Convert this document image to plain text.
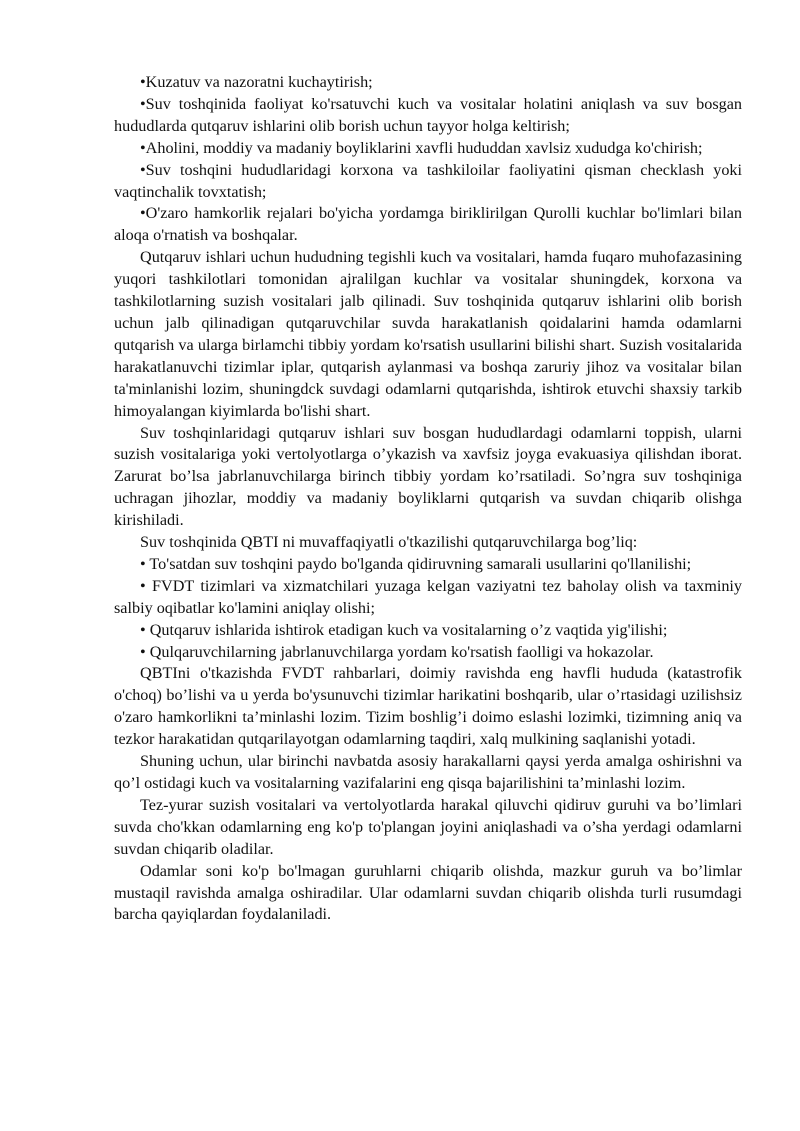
•Kuzatuv va nazoratni kuchaytirish;

•Suv toshqinida faoliyat ko'rsatuvchi kuch va vositalar holatini aniqlash va suv bosgan hududlarda qutqaruv ishlarini olib borish uchun tayyor holga keltirish;

•Aholini, moddiy va madaniy boyliklarini xavfli hududdan xavlsiz xududga ko'chirish;

•Suv toshqini hududlaridagi korxona va tashkiloilar faoliyatini qisman checklash yoki vaqtinchalik tovxtatish;

•O'zaro hamkorlik rejalari bo'yicha yordamga biriklirilgan Qurolli kuchlar bo'limlari bilan aloqa o'rnatish va boshqalar.

Qutqaruv ishlari uchun hududning tegishli kuch va vositalari, hamda fuqaro muhofazasining yuqori tashkilotlari tomonidan ajralilgan kuchlar va vositalar shuningdek, korxona va tashkilotlarning suzish vositalari jalb qilinadi. Suv toshqinida qutqaruv ishlarini olib borish uchun jalb qilinadigan qutqaruvchilar suvda harakatlanish qoidalarini hamda odamlarni qutqarish va ularga birlamchi tibbiy yordam ko'rsatish usullarini bilishi shart. Suzish vositalarida harakatlanuvchi tizimlar iplar, qutqarish aylanmasi va boshqa zaruriy jihoz va vositalar bilan ta'minlanishi lozim, shuningdck suvdagi odamlarni qutqarishda, ishtirok etuvchi shaxsiy tarkib himoyalangan kiyimlarda bo'lishi shart.

Suv toshqinlaridagi qutqaruv ishlari suv bosgan hududlardagi odamlarni toppish, ularni suzish vositalariga yoki vertolyotlarga o’ykazish va xavfsiz joyga evakuasiya qilishdan iborat. Zarurat bo’lsa jabrlanuvchilarga birinch tibbiy yordam ko’rsatiladi. So’ngra suv toshqiniga uchragan jihozlar, moddiy va madaniy boyliklarni qutqarish va suvdan chiqarib olishga kirishiladi.

Suv toshqinida QBTI ni muvaffaqiyatli o'tkazilishi qutqaruvchilarga bog’liq:

• To'satdan suv toshqini paydo bo'lganda qidiruvning samarali usullarini qo'llanilishi;

• FVDT tizimlari va xizmatchilari yuzaga kelgan vaziyatni tez baholay olish va taxminiy salbiy oqibatlar ko'lamini aniqlay olishi;

• Qutqaruv ishlarida ishtirok etadigan kuch va vositalarning o’z vaqtida yig'ilishi;

• Qulqaruvchilarning jabrlanuvchilarga yordam ko'rsatish faolligi va hokazolar.

QBTIni o'tkazishda FVDT rahbarlari, doimiy ravishda eng havfli hududa (katastrofik o'choq) bo’lishi va u yerda bo'ysunuvchi tizimlar harikatini boshqarib, ular o’rtasidagi uzilishsiz o'zaro hamkorlikni ta’minlashi lozim. Tizim boshlig’i doimo eslashi lozimki, tizimning aniq va tezkor harakatidan qutqarilayotgan odamlarning taqdiri, xalq mulkining saqlanishi yotadi.

Shuning uchun, ular birinchi navbatda asosiy harakallarni qaysi yerda amalga oshirishni va qo’l ostidagi kuch va vositalarning vazifalarini eng qisqa bajarilishini ta’minlashi lozim.

Tez-yurar suzish vositalari va vertolyotlarda harakal qiluvchi qidiruv guruhi va bo’limlari suvda cho'kkan odamlarning eng ko'p to'plangan joyini aniqlashadi va o’sha yerdagi odamlarni suvdan chiqarib oladilar.

Odamlar soni ko'p bo'lmagan guruhlarni chiqarib olishda, mazkur guruh va bo’limlar mustaqil ravishda amalga oshiradilar. Ular odamlarni suvdan chiqarib olishda turli rusumdagi barcha qayiqlardan foydalaniladi.
